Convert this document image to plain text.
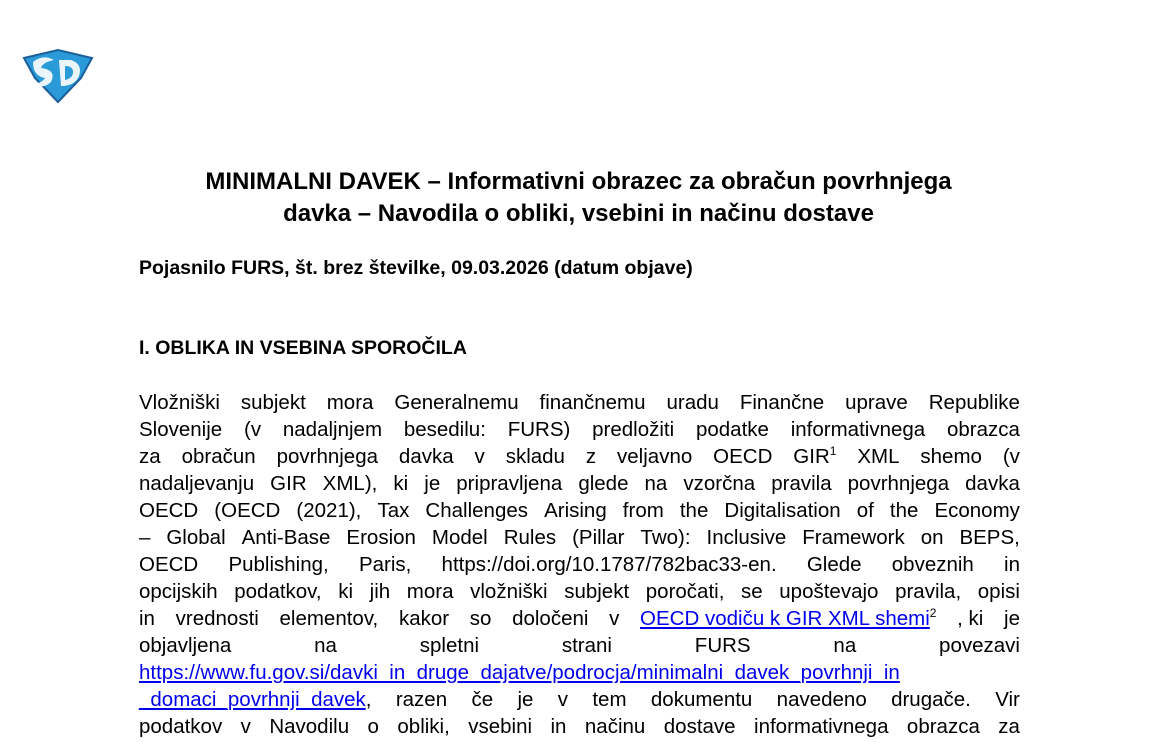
MINIMALNI DAVEK – Informativni obrazec za obračun povrhnjega
davka – Navodila o obliki, vsebini in načinu dostave
Pojasnilo FURS, št. brez številke, 09.03.2026 (datum objave)
I. OBLIKA IN VSEBINA SPOROČILA
Vložniški subjekt mora Generalnemu finančnemu uradu Finančne uprave Republike
Slovenije (v nadaljnjem besedilu: FURS) predložiti podatke informativnega obrazca
za obračun povrhnjega davka v skladu z veljavno OECD GIR$^1$ XML shemo (v
nadaljevanju GIR XML), ki je pripravljena glede na vzorčna pravila povrhnjega davka
OECD (OECD (2021), Tax Challenges Arising from the Digitalisation of the Economy
– Global Anti-Base Erosion Model Rules (Pillar Two): Inclusive Framework on BEPS,
OECD Publishing, Paris, https://doi.org/10.1787/782bac33-en. Glede obveznih in
opcijskih podatkov, ki jih mora vložniški subjekt poročati, se upoštevajo pravila, opisi
in vrednosti elementov, kakor so določeni v OECD vodiču k GIR XML shemi$^2$ , ki je
objavljena	na	spletni	strani	FURS	na	povezavi
https://www.fu.gov.si/davki_in_druge_dajatve/podrocja/minimalni_davek_povrhnji_in
_domaci_povrhnji_davek, razen če je v tem dokumentu navedeno drugače. Vir
podatkov v Navodilu o obliki, vsebini in načinu dostave informativnega obrazca za
